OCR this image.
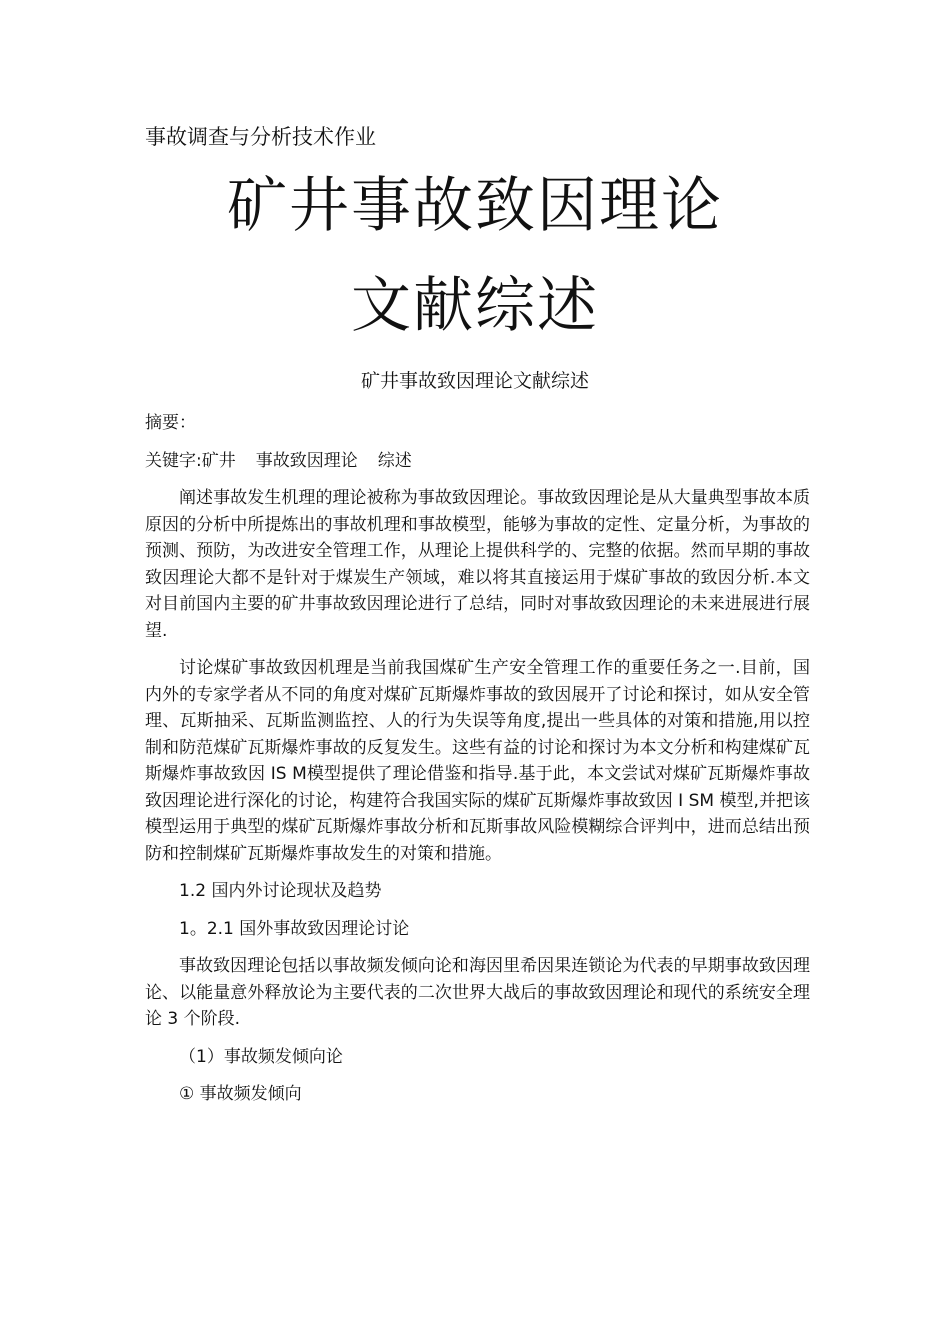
事故调查与分析技术作业

矿井事故致因理论
文献综述
矿井事故致因理论文献综述

摘要：

关键字:矿井 事故致因理论 综述

阐述事故发生机理的理论被称为事故致因理论。事故致因理论是从大量典型事故本质原因的分析中所提炼出的事故机理和事故模型，能够为事故的定性、定量分析，为事故的预测、预防，为改进安全管理工作，从理论上提供科学的、完整的依据。然而早期的事故致因理论大都不是针对于煤炭生产领域，难以将其直接运用于煤矿事故的致因分析.本文对目前国内主要的矿井事故致因理论进行了总结，同时对事故致因理论的未来进展进行展望.

讨论煤矿事故致因机理是当前我国煤矿生产安全管理工作的重要任务之一.目前，国内外的专家学者从不同的角度对煤矿瓦斯爆炸事故的致因展开了讨论和探讨，如从安全管理、瓦斯抽采、瓦斯监测监控、人的行为失误等角度,提出一些具体的对策和措施,用以控制和防范煤矿瓦斯爆炸事故的反复发生。这些有益的讨论和探讨为本文分析和构建煤矿瓦斯爆炸事故致因 IS M模型提供了理论借鉴和指导.基于此，本文尝试对煤矿瓦斯爆炸事故致因理论进行深化的讨论，构建符合我国实际的煤矿瓦斯爆炸事故致因 I SM 模型,并把该模型运用于典型的煤矿瓦斯爆炸事故分析和瓦斯事故风险模糊综合评判中，进而总结出预防和控制煤矿瓦斯爆炸事故发生的对策和措施。

1.2 国内外讨论现状及趋势

1。2.1 国外事故致因理论讨论

事故致因理论包括以事故频发倾向论和海因里希因果连锁论为代表的早期事故致因理论、以能量意外释放论为主要代表的二次世界大战后的事故致因理论和现代的系统安全理论 3 个阶段.

（1）事故频发倾向论

① 事故频发倾向
